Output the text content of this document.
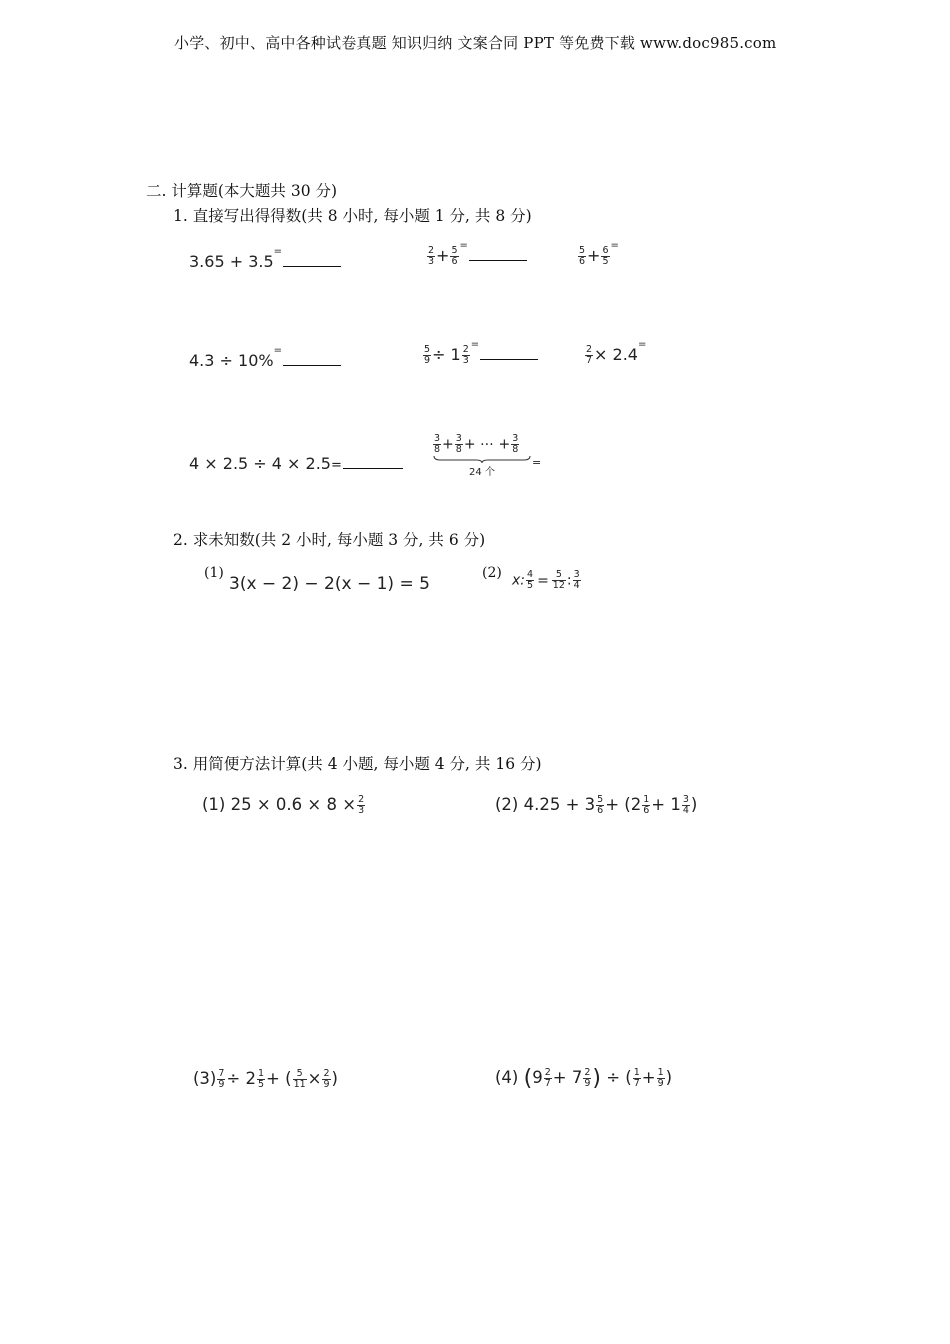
小学、初中、高中各种试卷真题 知识归纳 文案合同 PPT 等免费下载 www.doc985.com
二. 计算题(本大题共 30 分)
1. 直接写出得得数(共 8 小时, 每小题 1 分, 共 8 分)
3.65 + 3.5=	$\frac{2}{3} + \frac{5}{6}$
=
$\frac{5}{6} + \frac{6}{5}$
=
4.3 ÷ 10%=	$\frac{5}{9} \div 1 \frac{2}{3}$
=
$\frac{2}{7} \times 2.4^=$
4 × 2.5 ÷ 4 × 2.5=
$\frac{3}{8} + \frac{3}{8}$ + ⋯ + $\frac{3}{8}$
24 个
=
2. 求未知数(共 2 小时, 每小题 3 分, 共 6 分)
(1)
3(x − 2) − 2(x − 1) = 5
(2) x: $\frac{4}{5} = \frac{5}{12}$ : $\frac{3}{4}$
3. 用简便方法计算(共 4 小题, 每小题 4 分, 共 16 分)
(1) $25 \times 0.6 \times 8 \times \frac{2}{3}$	(2) $4.25 + 3 \frac{5}{6} + (2 \frac{1}{6} + 1 \frac{3}{4}$ )
$(3) \frac{7}{9} \div 2 \frac{1}{5}$ + ( $\frac{5}{11} \times \frac{2}{9}$ )	(4) ($9 \frac{2}{7} + 7 \frac{2}{9}$ ) ÷ ( $\frac{1}{7} + \frac{1}{9}$ )
